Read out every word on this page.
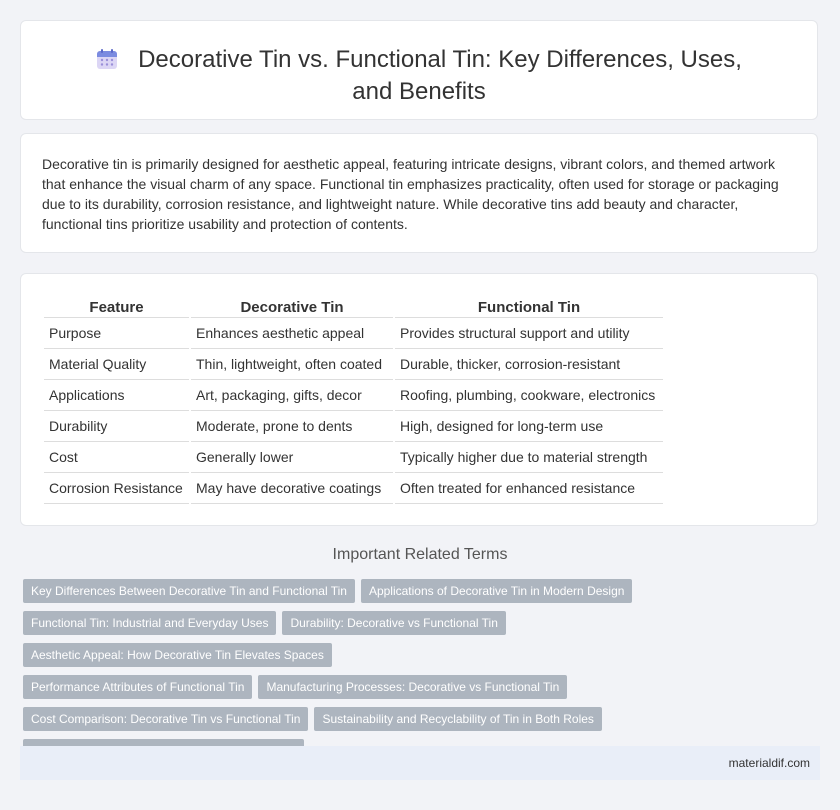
Decorative Tin vs. Functional Tin: Key Differences, Uses, and Benefits

Decorative tin is primarily designed for aesthetic appeal, featuring intricate designs, vibrant colors, and themed artwork that enhance the visual charm of any space. Functional tin emphasizes practicality, often used for storage or packaging due to its durability, corrosion resistance, and lightweight nature. While decorative tins add beauty and character, functional tins prioritize usability and protection of contents.

Feature	Decorative Tin	Functional Tin
Purpose	Enhances aesthetic appeal	Provides structural support and utility
Material Quality	Thin, lightweight, often coated	Durable, thicker, corrosion-resistant
Applications	Art, packaging, gifts, decor	Roofing, plumbing, cookware, electronics
Durability	Moderate, prone to dents	High, designed for long-term use
Cost	Generally lower	Typically higher due to material strength
Corrosion Resistance	May have decorative coatings	Often treated for enhanced resistance
Important Related Terms
Key Differences Between Decorative Tin and Functional Tin Applications of Decorative Tin in Modern Design
Functional Tin: Industrial and Everyday Uses Durability: Decorative vs Functional TinAesthetic Appeal: How Decorative Tin Elevates Spaces
Performance Attributes of Functional Tin Manufacturing Processes: Decorative vs Functional Tin
Cost Comparison: Decorative Tin vs Functional Tin Sustainability and Recyclability of Tin in Both Roles

materialdif.com
